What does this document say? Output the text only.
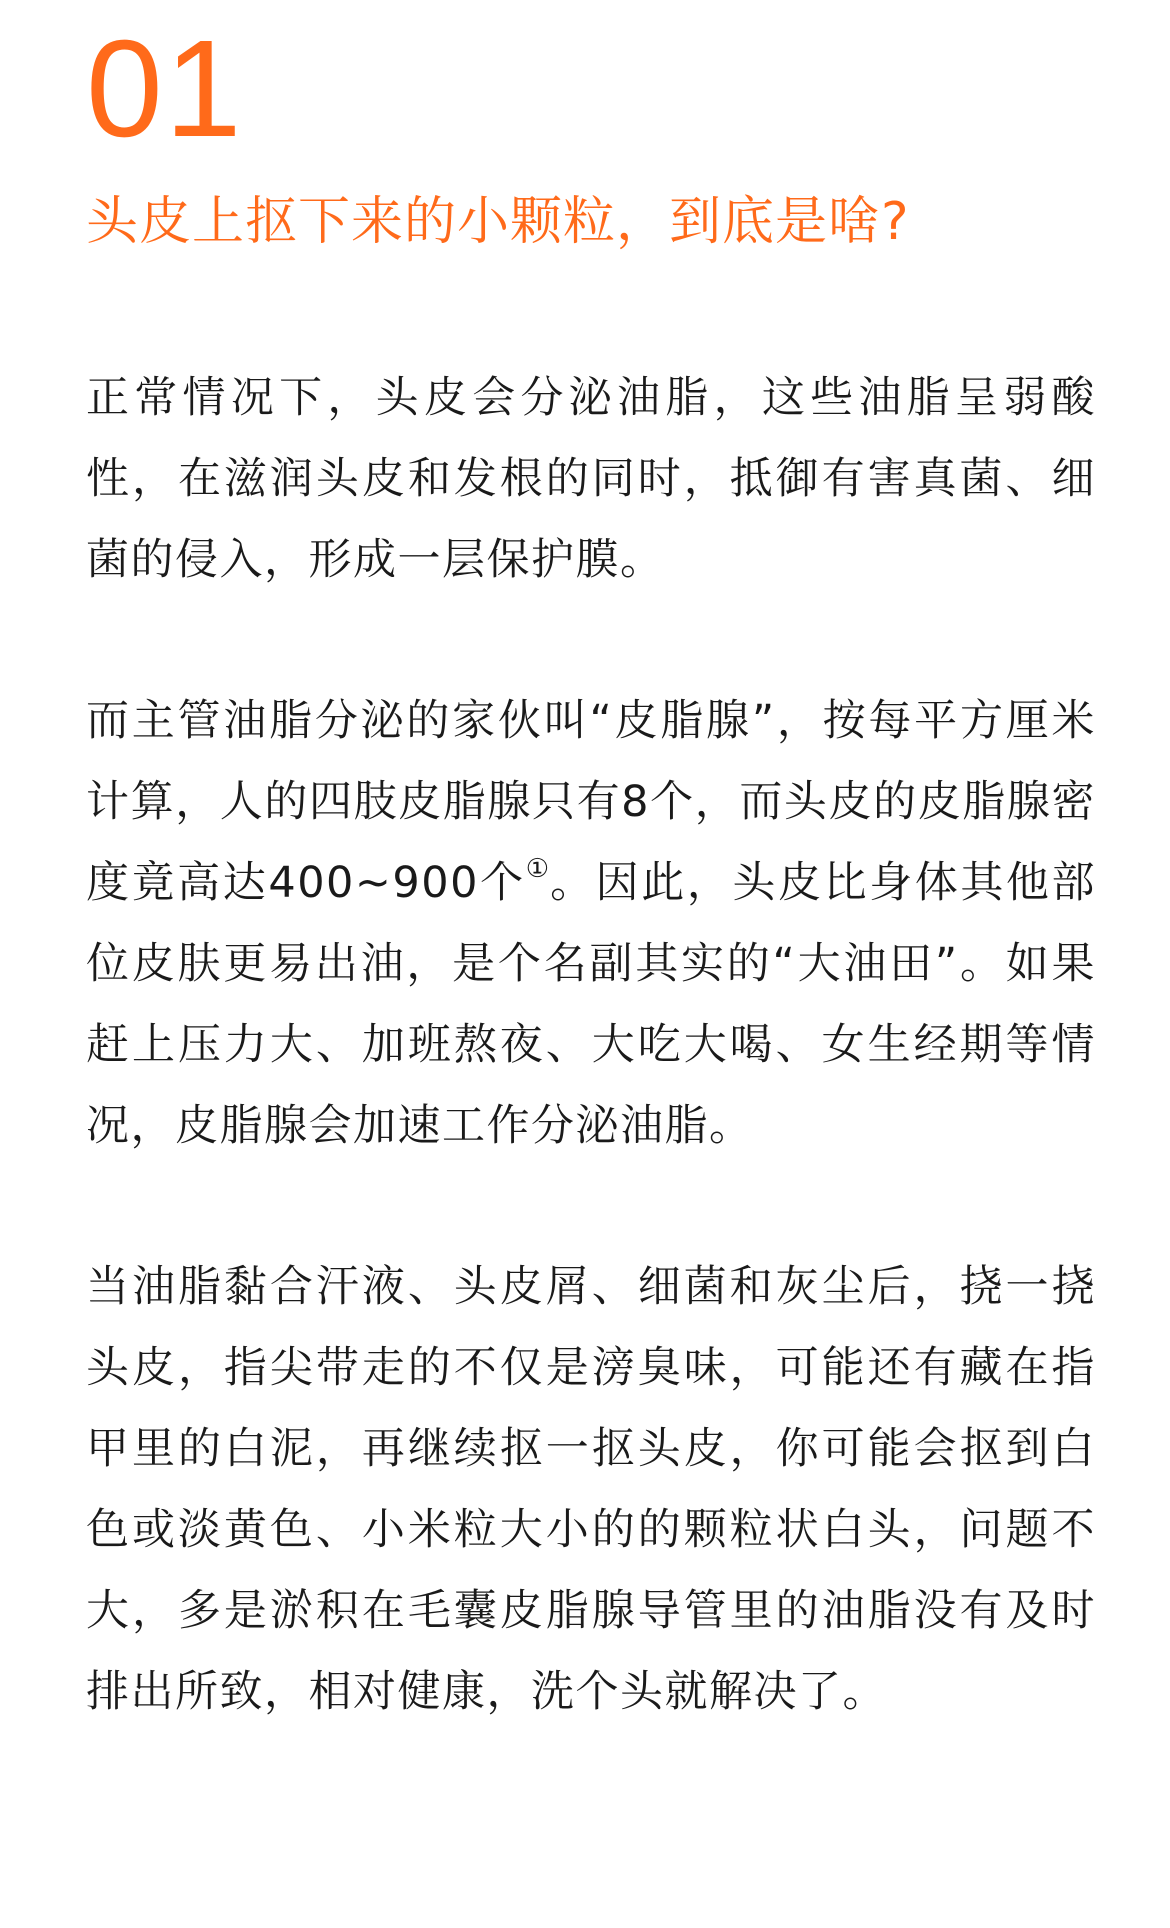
01
头皮上抠下来的小颗粒，到底是啥?

正常情况下，头皮会分泌油脂，这些油脂呈弱酸性，在滋润头皮和发根的同时，抵御有害真菌、细菌的侵入，形成一层保护膜。

而主管油脂分泌的家伙叫“皮脂腺”，按每平方厘米计算，人的四肢皮脂腺只有8个，而头皮的皮脂腺密度竟高达400~900个①。因此，头皮比身体其他部位皮肤更易出油，是个名副其实的“大油田”。如果赶上压力大、加班熬夜、大吃大喝、女生经期等情况，皮脂腺会加速工作分泌油脂。

当油脂黏合汗液、头皮屑、细菌和灰尘后，挠一挠头皮，指尖带走的不仅是滂臭味，可能还有藏在指甲里的白泥，再继续抠一抠头皮，你可能会抠到白色或淡黄色、小米粒大小的的颗粒状白头，问题不大，多是淤积在毛囊皮脂腺导管里的油脂没有及时排出所致，相对健康，洗个头就解决了。
